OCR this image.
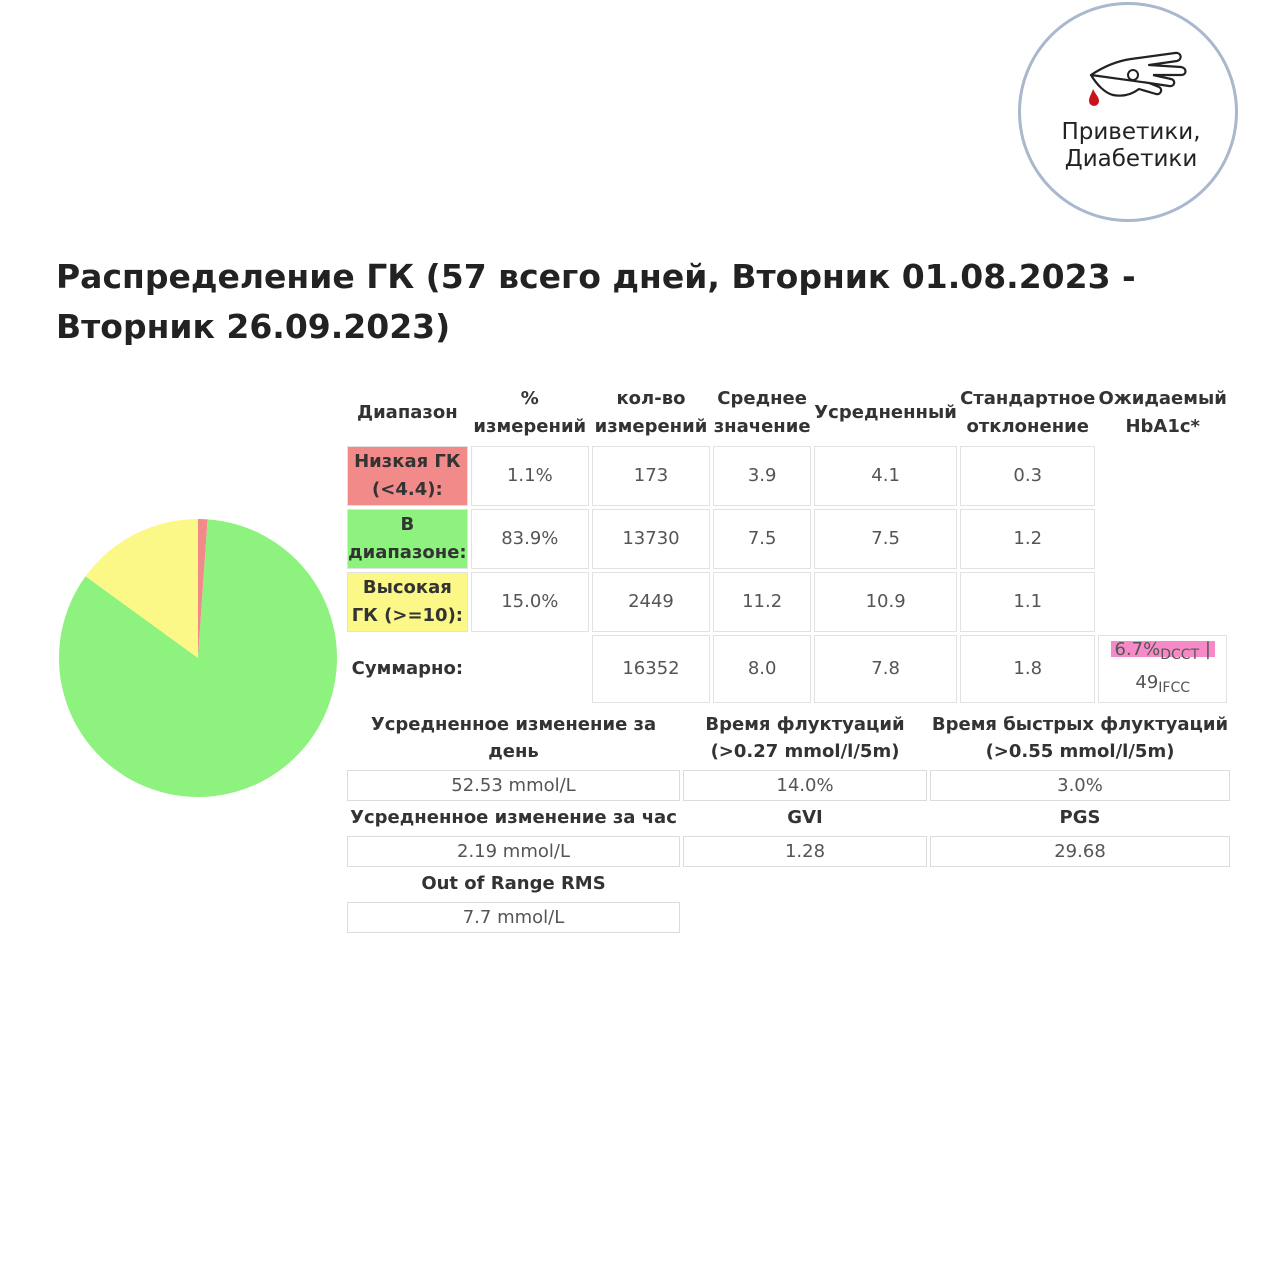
Приветики,
Диабетики
Распределение ГК (57 всего дней, Вторник 01.08.2023 - Вторник 26.09.2023)
Диапазон	% измерений	кол-во измерений	Среднее значение	Усредненный	Стандартное отклонение	Ожидаемый HbA1c*
Низкая ГК (<4.4):	1.1%	173	3.9	4.1	0.3	
В диапазоне:	83.9%	13730	7.5	7.5	1.2	
Высокая ГК (>=10):	15.0%	2449	11.2	10.9	1.1	
Суммарно:		16352	8.0	7.8	1.8	$6.7\%_{DCCT}$ |
$49_{IFCC}$
Усредненное изменение за день	Время флуктуаций (>0.27 mmol/l/5m)	Время быстрых флуктуаций (>0.55 mmol/l/5m)
52.53 mmol/L	14.0%	3.0%
Усредненное изменение за час	GVI	PGS
2.19 mmol/L	1.28	29.68
Out of Range RMS		
7.7 mmol/L		
